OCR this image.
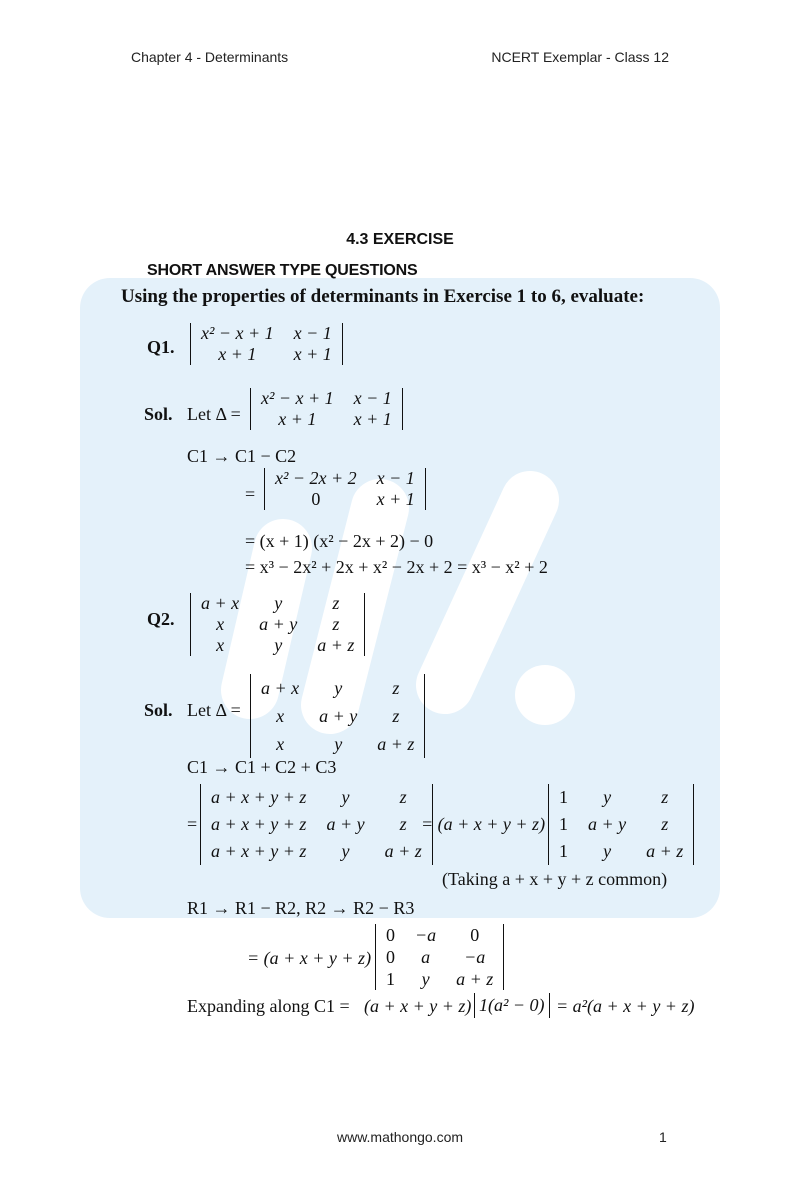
Chapter 4 - Determinants	NCERT Exemplar - Class 12
4.3 EXERCISE
SHORT ANSWER TYPE QUESTIONS
Using the properties of determinants in Exercise 1 to 6, evaluate:
Q1.
x² − x + 1	x − 1
x + 1	x + 1
Sol. Let Δ =
x² − x + 1	x − 1
x + 1	x + 1
C1 → C1 − C2
=
x² − 2x + 2	x − 1
0	x + 1
= (x + 1) (x² − 2x + 2) − 0
= x³ − 2x² + 2x + x² − 2x + 2 = x³ − x² + 2
Q2.
a + x	y	z
x	a + y	z
x	y	a + z
Sol. Let Δ =
a + x	y	z
x	a + y	z
x	y	a + z
C1 → C1 + C2 + C3
=
a + x + y + z	y	z
a + x + y + z	a + y	z
a + x + y + z	y	a + z
= (a + x + y + z)
1	y	z
1	a + y	z
1	y	a + z
(Taking a + x + y + z common)
R1 → R1 − R2, R2 → R2 − R3
= (a + x + y + z)
0	−a	0
0	a	−a
1	y	a + z
Expanding along C1 = (a + x + y + z) 1(a² − 0) = a²(a + x + y + z)
www.mathongo.com	1
